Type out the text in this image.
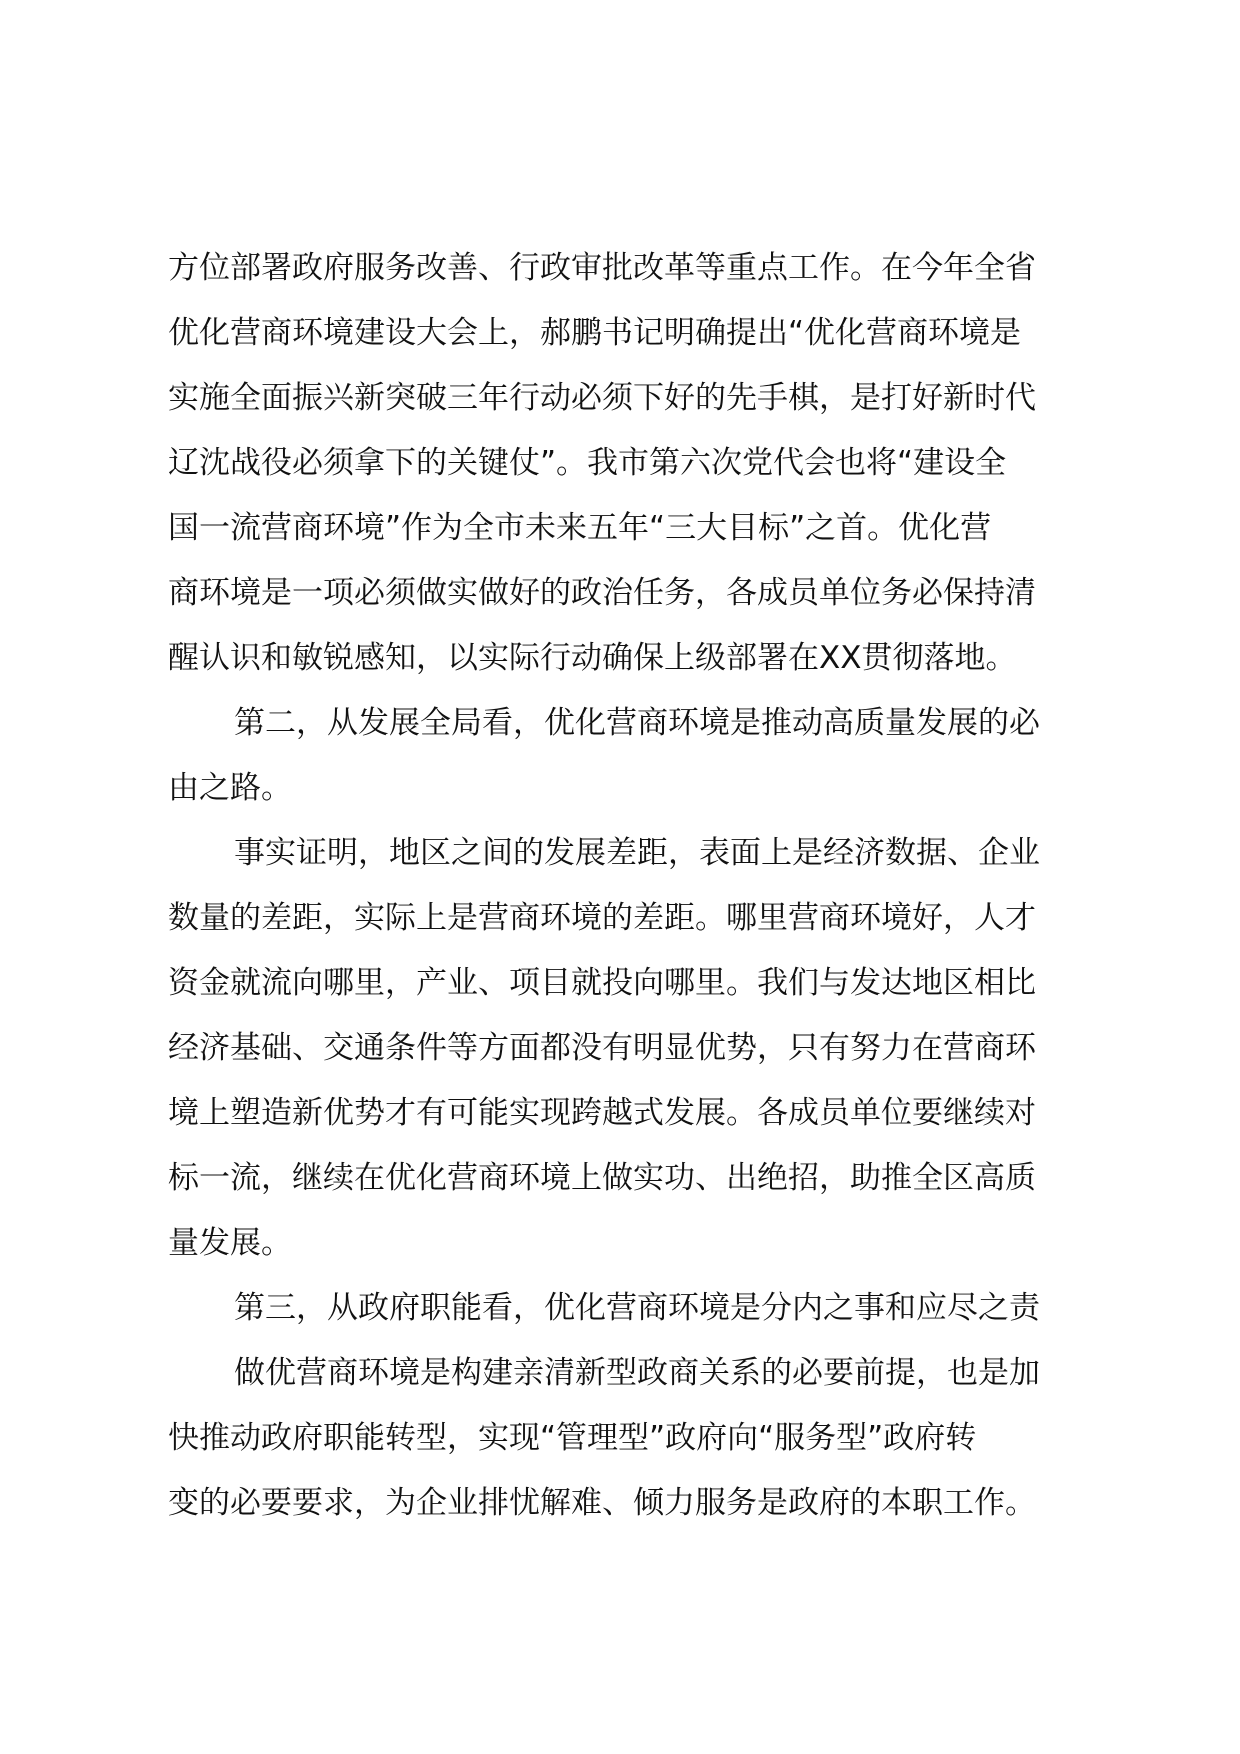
方位部署政府服务改善、行政审批改革等重点工作。在今年全省
优化营商环境建设大会上，郝鹏书记明确提出“优化营商环境是
实施全面振兴新突破三年行动必须下好的先手棋，是打好新时代
辽沈战役必须拿下的关键仗”。我市第六次党代会也将“建设全
国一流营商环境”作为全市未来五年“三大目标”之首。优化营
商环境是一项必须做实做好的政治任务，各成员单位务必保持清
醒认识和敏锐感知，以实际行动确保上级部署在XX贯彻落地。
第二，从发展全局看，优化营商环境是推动高质量发展的必
由之路。
事实证明，地区之间的发展差距，表面上是经济数据、企业
数量的差距，实际上是营商环境的差距。哪里营商环境好，人才
资金就流向哪里，产业、项目就投向哪里。我们与发达地区相比
经济基础、交通条件等方面都没有明显优势，只有努力在营商环
境上塑造新优势才有可能实现跨越式发展。各成员单位要继续对
标一流，继续在优化营商环境上做实功、出绝招，助推全区高质
量发展。
第三，从政府职能看，优化营商环境是分内之事和应尽之责
做优营商环境是构建亲清新型政商关系的必要前提，也是加
快推动政府职能转型，实现“管理型”政府向“服务型”政府转
变的必要要求，为企业排忧解难、倾力服务是政府的本职工作。
